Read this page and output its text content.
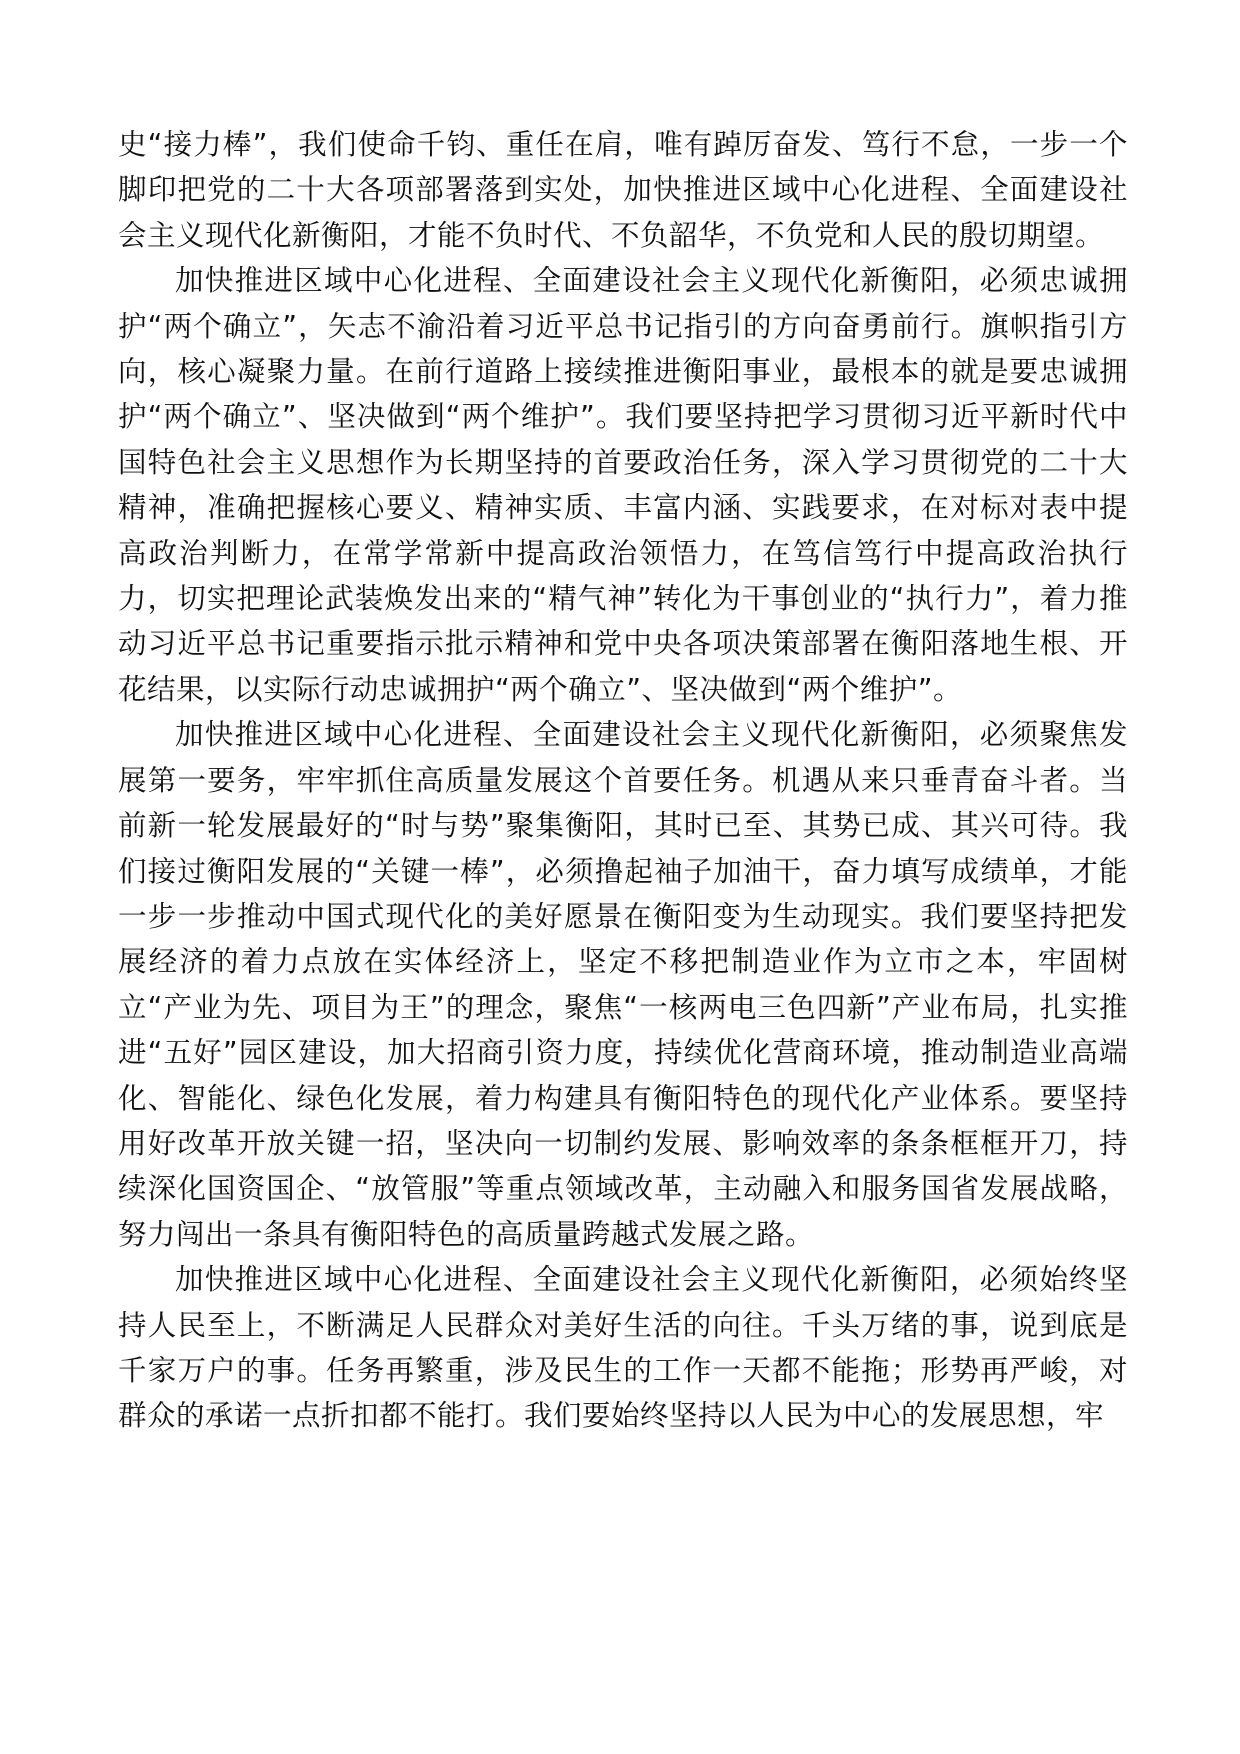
史“接力棒”，我们使命千钧、重任在肩，唯有踔厉奋发、笃行不怠，一步一个脚印把党的二十大各项部署落到实处，加快推进区域中心化进程、全面建设社会主义现代化新衡阳，才能不负时代、不负韶华，不负党和人民的殷切期望。

加快推进区域中心化进程、全面建设社会主义现代化新衡阳，必须忠诚拥护“两个确立”，矢志不渝沿着习近平总书记指引的方向奋勇前行。旗帜指引方向，核心凝聚力量。在前行道路上接续推进衡阳事业，最根本的就是要忠诚拥护“两个确立”、坚决做到“两个维护”。我们要坚持把学习贯彻习近平新时代中国特色社会主义思想作为长期坚持的首要政治任务，深入学习贯彻党的二十大精神，准确把握核心要义、精神实质、丰富内涵、实践要求，在对标对表中提高政治判断力，在常学常新中提高政治领悟力，在笃信笃行中提高政治执行力，切实把理论武装焕发出来的“精气神”转化为干事创业的“执行力”，着力推动习近平总书记重要指示批示精神和党中央各项决策部署在衡阳落地生根、开花结果，以实际行动忠诚拥护“两个确立”、坚决做到“两个维护”。

加快推进区域中心化进程、全面建设社会主义现代化新衡阳，必须聚焦发展第一要务，牢牢抓住高质量发展这个首要任务。机遇从来只垂青奋斗者。当前新一轮发展最好的“时与势”聚集衡阳，其时已至、其势已成、其兴可待。我们接过衡阳发展的“关键一棒”，必须撸起袖子加油干，奋力填写成绩单，才能一步一步推动中国式现代化的美好愿景在衡阳变为生动现实。我们要坚持把发展经济的着力点放在实体经济上，坚定不移把制造业作为立市之本，牢固树立“产业为先、项目为王”的理念，聚焦“一核两电三色四新”产业布局，扎实推进“五好”园区建设，加大招商引资力度，持续优化营商环境，推动制造业高端化、智能化、绿色化发展，着力构建具有衡阳特色的现代化产业体系。要坚持用好改革开放关键一招，坚决向一切制约发展、影响效率的条条框框开刀，持续深化国资国企、“放管服”等重点领域改革，主动融入和服务国省发展战略，努力闯出一条具有衡阳特色的高质量跨越式发展之路。

加快推进区域中心化进程、全面建设社会主义现代化新衡阳，必须始终坚持人民至上，不断满足人民群众对美好生活的向往。千头万绪的事，说到底是千家万户的事。任务再繁重，涉及民生的工作一天都不能拖；形势再严峻，对群众的承诺一点折扣都不能打。我们要始终坚持以人民为中心的发展思想，牢
